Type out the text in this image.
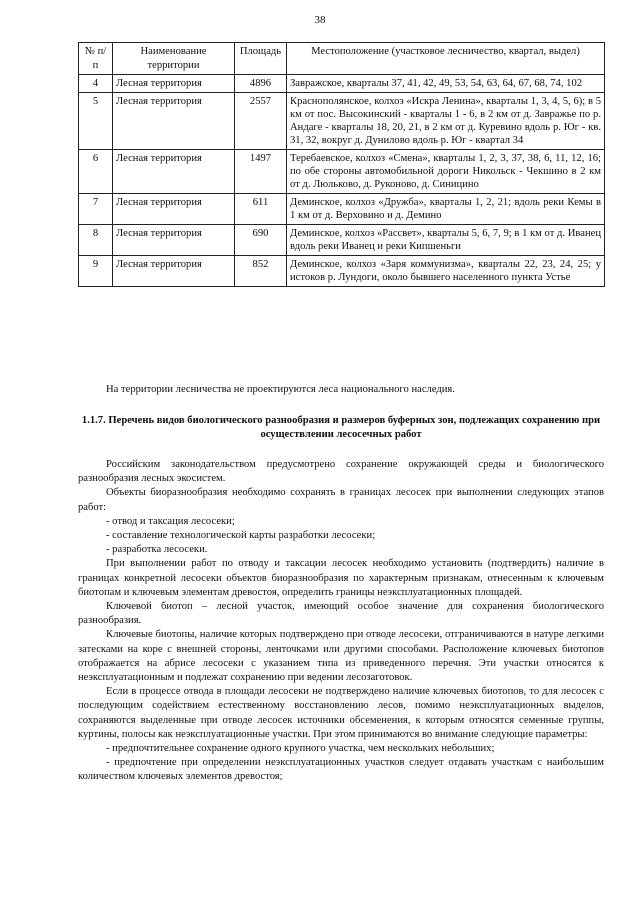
38
№ п/п	Наименование территории	Площадь	Местоположение (участковое лесничество, квартал, выдел)
4	Лесная территория	4896	Завражское, кварталы 37, 41, 42, 49, 53, 54, 63, 64, 67, 68, 74, 102
5	Лесная территория	2557	Краснополянское, колхоз «Искра Ленина», кварталы 1, 3, 4, 5, 6); в 5 км от пос. Высокинский - кварталы 1 - 6, в 2 км от д. Завражье по р. Андаге - кварталы 18, 20, 21, в 2 км от д. Куревино вдоль р. Юг - кв. 31, 32, вокруг д. Дунилово вдоль р. Юг - квартал 34
6	Лесная территория	1497	Теребаевское, колхоз «Смена», кварталы 1, 2, 3, 37, 38, 6, 11, 12, 16; по обе стороны автомобильной дороги Никольск - Чекшино в 2 км от д. Люльково, д. Руконово, д. Синицино
7	Лесная территория	611	Деминское, колхоз «Дружба», кварталы 1, 2, 21; вдоль реки Кемы в 1 км от д. Верховино и д. Демино
8	Лесная территория	690	Деминское, колхоз «Рассвет», кварталы 5, 6, 7, 9; в 1 км от д. Иванец вдоль реки Иванец и реки Кипшеньги
9	Лесная территория	852	Деминское, колхоз «Заря коммунизма», кварталы 22, 23, 24, 25; у истоков р. Лундоги, около бывшего населенного пункта Устье
На территории лесничества не проектируются леса национального наследия.
1.1.7. Перечень видов биологического разнообразия и размеров буферных зон, подлежащих сохранению при осуществлении лесосечных работ

Российским законодательством предусмотрено сохранение окружающей среды и биологического разнообразия лесных экосистем.

Объекты биоразнообразия необходимо сохранять в границах лесосек при выполнении следующих этапов работ:

- отвод и таксация лесосеки;

- составление технологической карты разработки лесосеки;

- разработка лесосеки.

При выполнении работ по отводу и таксации лесосек необходимо установить (подтвердить) наличие в границах конкретной лесосеки объектов биоразнообразия по характерным признакам, отнесенным к ключевым биотопам и ключевым элементам древостоя, определить границы неэксплуатационных площадей.

Ключевой биотоп – лесной участок, имеющий особое значение для сохранения биологического разнообразия.

Ключевые биотопы, наличие которых подтверждено при отводе лесосеки, отграничиваются в натуре легкими затесками на коре с внешней стороны, ленточками или другими способами. Расположение ключевых биотопов отображается на абрисе лесосеки с указанием типа из приведенного перечня. Эти участки относятся к неэксплуатационным и подлежат сохранению при ведении лесозаготовок.

Если в процессе отвода в площади лесосеки не подтверждено наличие ключевых биотопов, то для лесосек с последующим содействием естественному восстановлению лесов, помимо неэксплуатационных выделов, сохраняются выделенные при отводе лесосек источники обсеменения, к которым относятся семенные группы, куртины, полосы как неэксплуатационные участки. При этом принимаются во внимание следующие параметры:

- предпочтительнее сохранение одного крупного участка, чем нескольких небольших;

- предпочтение при определении неэксплуатационных участков следует отдавать участкам с наибольшим количеством ключевых элементов древостоя;
